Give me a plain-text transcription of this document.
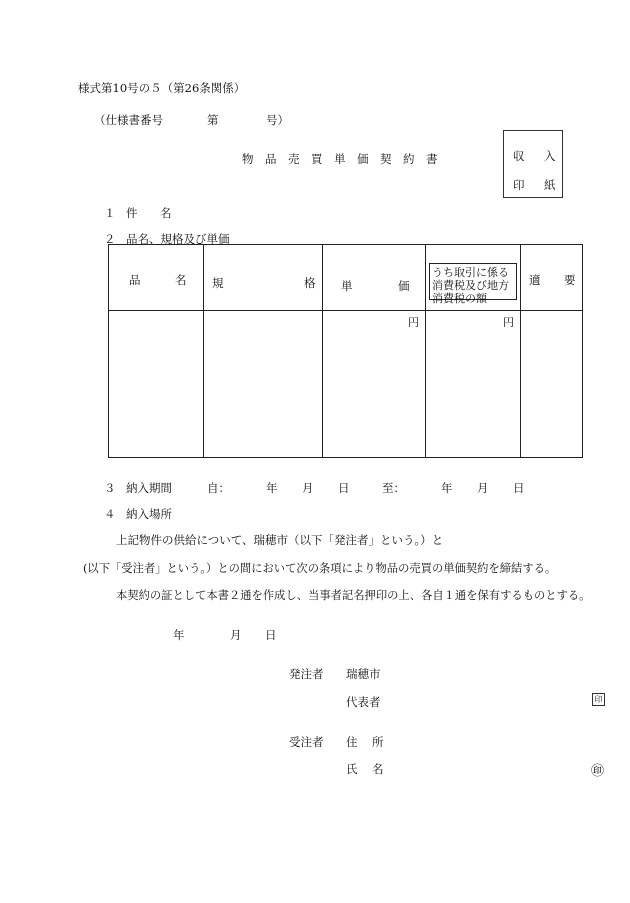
様式第10号の５（第26条関係）
（仕様書番号	第	号）
物 品 売 買 単 価 契 約 書	収 入
印 紙
１ 件 名
２ 品名、規格及び単価
品 名	規 格	単 価	うち取引に係る消費税及び地方消費税の額	適 要

		円	円	

３ 納入期間	自：	年 月 日	至：	年 月 日
４ 納入場所
上記物件の供給について、瑞穂市（以下「発注者」という。）と
(以下「受注者」という。）との間において次の条項により物品の売買の単価契約を締結する。
本契約の証として本書２通を作成し、当事者記名押印の上、各自１通を保有するものとする。
年	月 日
発注者 瑞穂市
代表者	印
受注者 住 所
氏 名	㊞
